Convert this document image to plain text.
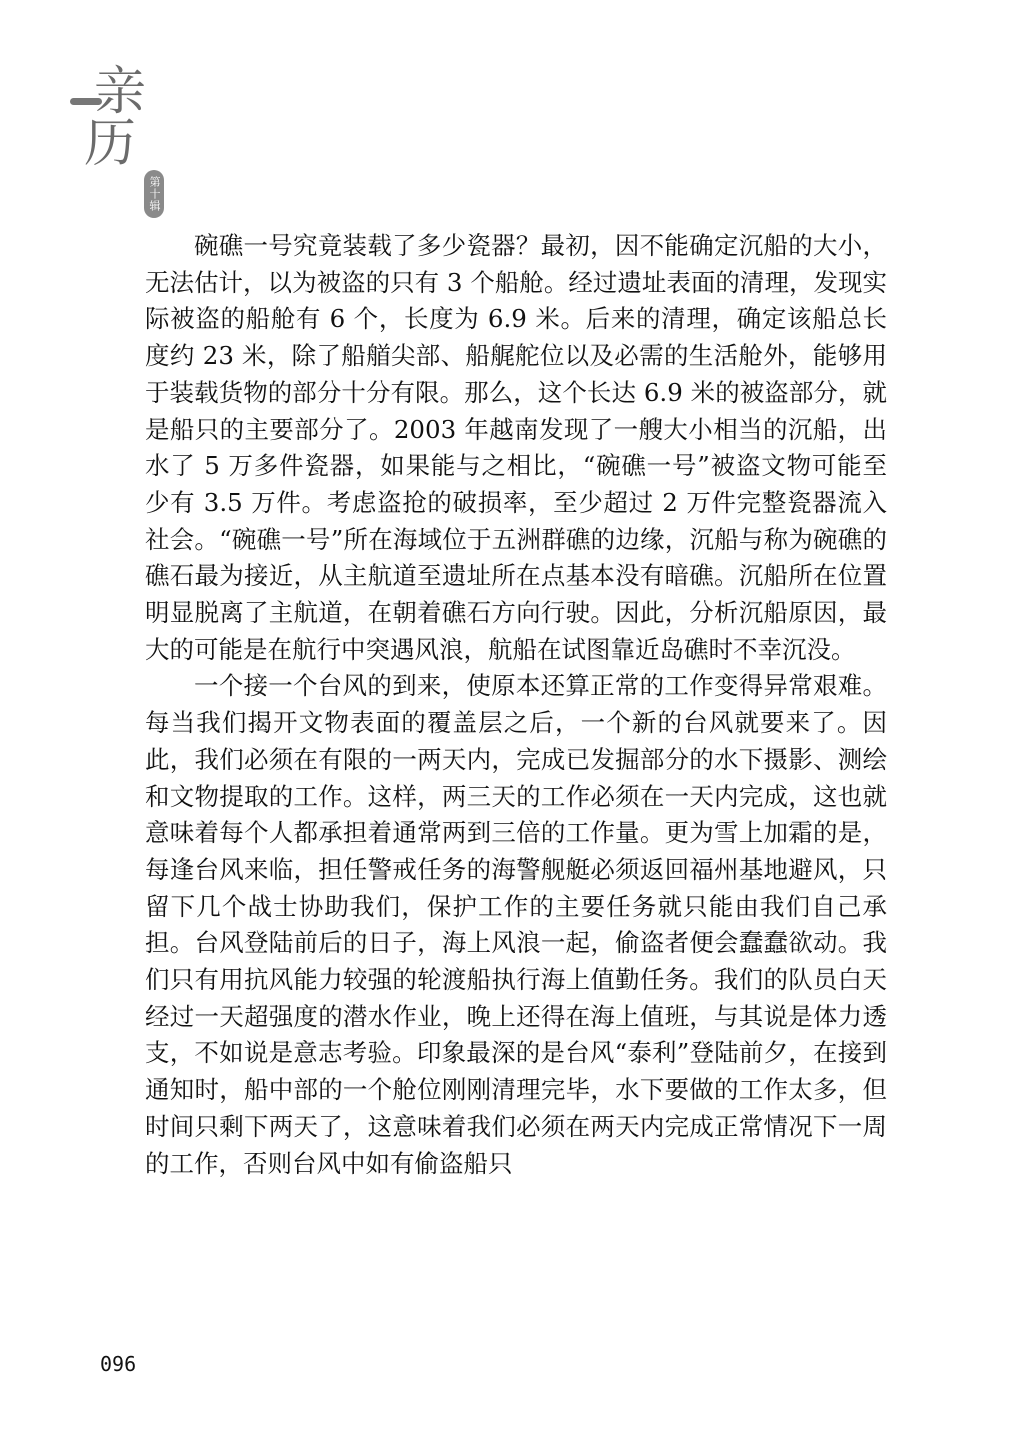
亲
历
第十辑

碗礁一号究竟装载了多少瓷器？最初，因不能确定沉船的大小，无法估计，以为被盗的只有 3 个船舱。经过遗址表面的清理，发现实际被盗的船舱有 6 个，长度为 6.9 米。后来的清理，确定该船总长度约 23 米，除了船艏尖部、船艉舵位以及必需的生活舱外，能够用于装载货物的部分十分有限。那么，这个长达 6.9 米的被盗部分，就是船只的主要部分了。2003 年越南发现了一艘大小相当的沉船，出水了 5 万多件瓷器，如果能与之相比，“碗礁一号”被盗文物可能至少有 3.5 万件。考虑盗抢的破损率，至少超过 2 万件完整瓷器流入社会。“碗礁一号”所在海域位于五洲群礁的边缘，沉船与称为碗礁的礁石最为接近，从主航道至遗址所在点基本没有暗礁。沉船所在位置明显脱离了主航道，在朝着礁石方向行驶。因此，分析沉船原因，最大的可能是在航行中突遇风浪，航船在试图靠近岛礁时不幸沉没。

一个接一个台风的到来，使原本还算正常的工作变得异常艰难。每当我们揭开文物表面的覆盖层之后，一个新的台风就要来了。因此，我们必须在有限的一两天内，完成已发掘部分的水下摄影、测绘和文物提取的工作。这样，两三天的工作必须在一天内完成，这也就意味着每个人都承担着通常两到三倍的工作量。更为雪上加霜的是，每逢台风来临，担任警戒任务的海警舰艇必须返回福州基地避风，只留下几个战士协助我们，保护工作的主要任务就只能由我们自己承担。台风登陆前后的日子，海上风浪一起，偷盗者便会蠢蠢欲动。我们只有用抗风能力较强的轮渡船执行海上值勤任务。我们的队员白天经过一天超强度的潜水作业，晚上还得在海上值班，与其说是体力透支，不如说是意志考验。印象最深的是台风“泰利”登陆前夕，在接到通知时，船中部的一个舱位刚刚清理完毕，水下要做的工作太多，但时间只剩下两天了，这意味着我们必须在两天内完成正常情况下一周的工作，否则台风中如有偷盗船只

096
